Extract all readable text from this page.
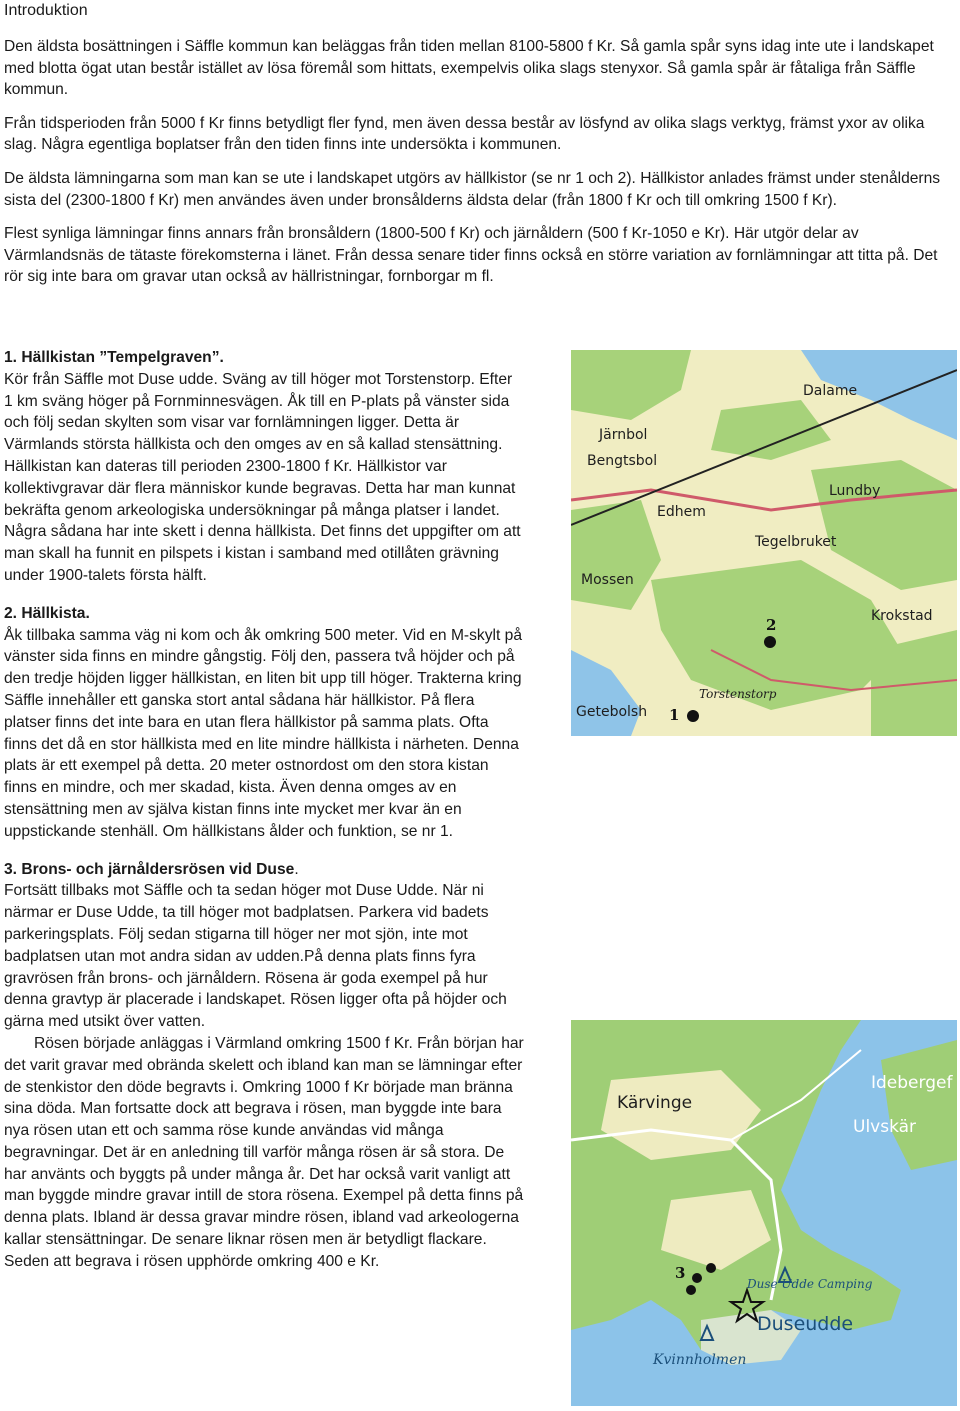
Introduktion

Den äldsta bosättningen i Säffle kommun kan beläggas från tiden mellan 8100-5800 f Kr. Så gamla spår syns idag inte ute i landskapet med blotta ögat utan består istället av lösa föremål som hittats, exempelvis olika slags stenyxor. Så gamla spår är fåtaliga från Säffle kommun.

Från tidsperioden från 5000 f Kr finns betydligt fler fynd, men även dessa består av lösfynd av olika slags verktyg, främst yxor av olika slag. Några egentliga boplatser från den tiden finns inte undersökta i kommunen.

De äldsta lämningarna som man kan se ute i landskapet utgörs av hällkistor (se nr 1 och 2). Hällkistor anlades främst under stenålderns sista del (2300-1800 f Kr) men användes även under bronsålderns äldsta delar (från 1800 f Kr och till omkring 1500 f Kr).

Flest synliga lämningar finns annars från bronsåldern (1800-500 f Kr) och järnåldern (500 f Kr-1050 e Kr). Här utgör delar av Värmlandsnäs de tätaste förekomsterna i länet. Från dessa senare tider finns också en större variation av fornlämningar att titta på. Det rör sig inte bara om gravar utan också av hällristningar, fornborgar m fl.

1. Hällkistan ”Tempelgraven”.

Kör från Säffle mot Duse udde. Sväng av till höger mot Torstenstorp. Efter 1 km sväng höger på Fornminnesvägen. Åk till en P-plats på vänster sida och följ sedan skylten som visar var fornlämningen ligger. Detta är Värmlands största hällkista och den omges av en så kallad stensättning. Hällkistan kan dateras till perioden 2300-1800 f Kr. Hällkistor var kollektivgravar där flera människor kunde begravas. Detta har man kunnat bekräfta genom arkeologiska undersökningar på många platser i landet. Några sådana har inte skett i denna hällkista. Det finns det uppgifter om att man skall ha funnit en pilspets i kistan i samband med otillåten grävning under 1900-talets första hälft.

2. Hällkista.

Åk tillbaka samma väg ni kom och åk omkring 500 meter. Vid en M-skylt på vänster sida finns en mindre gångstig. Följ den, passera två höjder och på den tredje höjden ligger hällkistan, en liten bit upp till höger. Trakterna kring Säffle innehåller ett ganska stort antal sådana här hällkistor. På flera platser finns det inte bara en utan flera hällkistor på samma plats. Ofta finns det då en stor hällkista med en lite mindre hällkista i närheten. Denna plats är ett exempel på detta. 20 meter ostnordost om den stora kistan finns en mindre, och mer skadad, kista. Även denna omges av en stensättning men av själva kistan finns inte mycket mer kvar än en uppstickande stenhäll. Om hällkistans ålder och funktion, se nr 1.

3. Brons- och järnåldersrösen vid Duse.

Fortsätt tillbaks mot Säffle och ta sedan höger mot Duse Udde. När ni närmar er Duse Udde, ta till höger mot badplatsen. Parkera vid badets parkeringsplats. Följ sedan stigarna till höger ner mot sjön, inte mot badplatsen utan mot andra sidan av udden.På denna plats finns fyra gravrösen från brons- och järnåldern. Rösena är goda exempel på hur denna gravtyp är placerade i landskapet. Rösen ligger ofta på höjder och gärna med utsikt över vatten.

Rösen började anläggas i Värmland omkring 1500 f Kr. Från början har det varit gravar med obrända skelett och ibland kan man se lämningar efter de stenkistor den döde begravts i. Omkring 1000 f Kr började man bränna sina döda. Man fortsatte dock att begrava i rösen, man byggde inte bara nya rösen utan ett och samma röse kunde användas vid många begravningar. Det är en anledning till varför många rösen är så stora. De har använts och byggts på under många år. Det har också varit vanligt att man byggde mindre gravar intill de stora rösena. Exempel på detta finns på denna plats. Ibland är dessa gravar mindre rösen, ibland vad arkeologerna kallar stensättningar. De senare liknar rösen men är betydligt flackare. Seden att begrava i rösen upphörde omkring 400 e Kr.

Dalame
Järnbol
Bengtsbol
Lundby
Edhem
Tegelbruket
Mossen
Krokstad
Getebolsh
Torstenstorp
2
1
Idebergef
Kärvinge
Ulvskär
Duse Udde Camping
Duseudde
Kvinnholmen
3
